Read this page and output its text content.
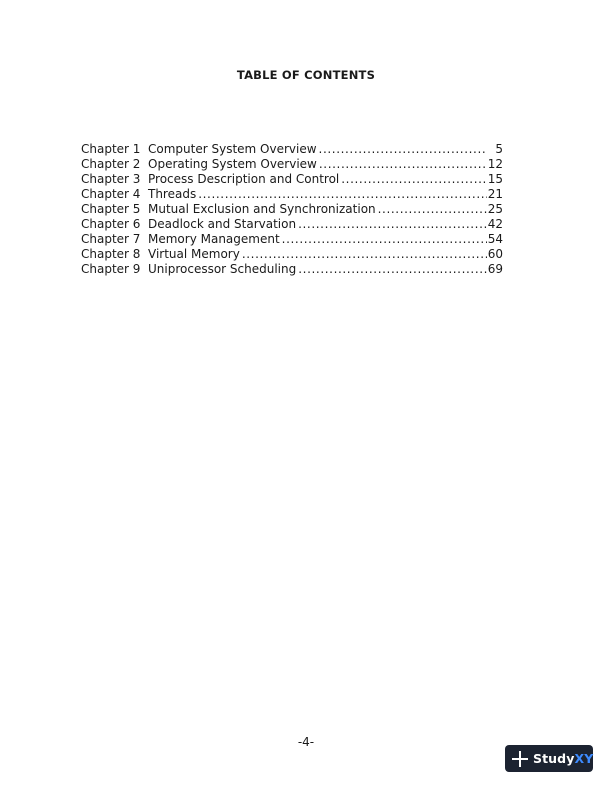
TABLE OF CONTENTS
Chapter 1 Computer System Overview .....	5
Chapter 2 Operating System Overview .....	12
Chapter 3 Process Description and Control .....	15
Chapter 4 Threads .....	21
Chapter 5 Mutual Exclusion and Synchronization .....	25
Chapter 6 Deadlock and Starvation .....	42
Chapter 7 Memory Management .....	54
Chapter 8 Virtual Memory .....	60
Chapter 9 Uniprocessor Scheduling .....	69
-4-
StudyXY
